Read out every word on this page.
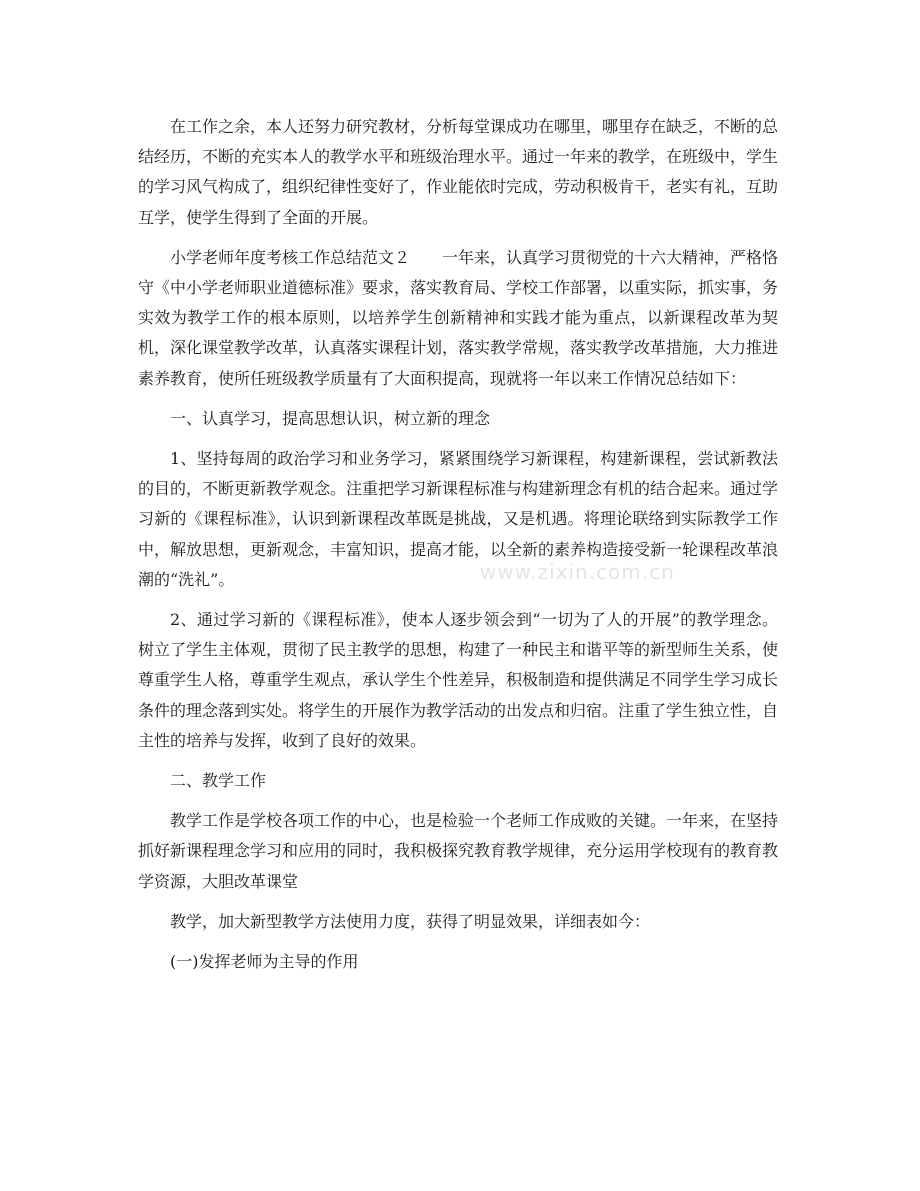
在工作之余，本人还努力研究教材，分析每堂课成功在哪里，哪里存在缺乏，不断的总结经历，不断的充实本人的教学水平和班级治理水平。通过一年来的教学，在班级中，学生的学习风气构成了，组织纪律性变好了，作业能依时完成，劳动积极肯干，老实有礼，互助互学，使学生得到了全面的开展。

小学老师年度考核工作总结范文２　　一年来，认真学习贯彻党的十六大精神，严格恪守《中小学老师职业道德标准》要求，落实教育局、学校工作部署，以重实际，抓实事，务实效为教学工作的根本原则，以培养学生创新精神和实践才能为重点，以新课程改革为契机，深化课堂教学改革，认真落实课程计划，落实教学常规，落实教学改革措施，大力推进素养教育，使所任班级教学质量有了大面积提高，现就将一年以来工作情况总结如下：

一、认真学习，提高思想认识，树立新的理念

1、坚持每周的政治学习和业务学习，紧紧围绕学习新课程，构建新课程，尝试新教法的目的，不断更新教学观念。注重把学习新课程标准与构建新理念有机的结合起来。通过学习新的《课程标准》，认识到新课程改革既是挑战，又是机遇。将理论联络到实际教学工作中，解放思想，更新观念，丰富知识，提高才能，以全新的素养构造接受新一轮课程改革浪潮的“洗礼”。

2、通过学习新的《课程标准》，使本人逐步领会到“一切为了人的开展”的教学理念。树立了学生主体观，贯彻了民主教学的思想，构建了一种民主和谐平等的新型师生关系，使尊重学生人格，尊重学生观点，承认学生个性差异，积极制造和提供满足不同学生学习成长条件的理念落到实处。将学生的开展作为教学活动的出发点和归宿。注重了学生独立性，自主性的培养与发挥，收到了良好的效果。

二、教学工作

教学工作是学校各项工作的中心，也是检验一个老师工作成败的关键。一年来，在坚持抓好新课程理念学习和应用的同时，我积极探究教育教学规律，充分运用学校现有的教育教学资源，大胆改革课堂

教学，加大新型教学方法使用力度，获得了明显效果，详细表如今：

(一)发挥老师为主导的作用

www.zixin.com.cn
